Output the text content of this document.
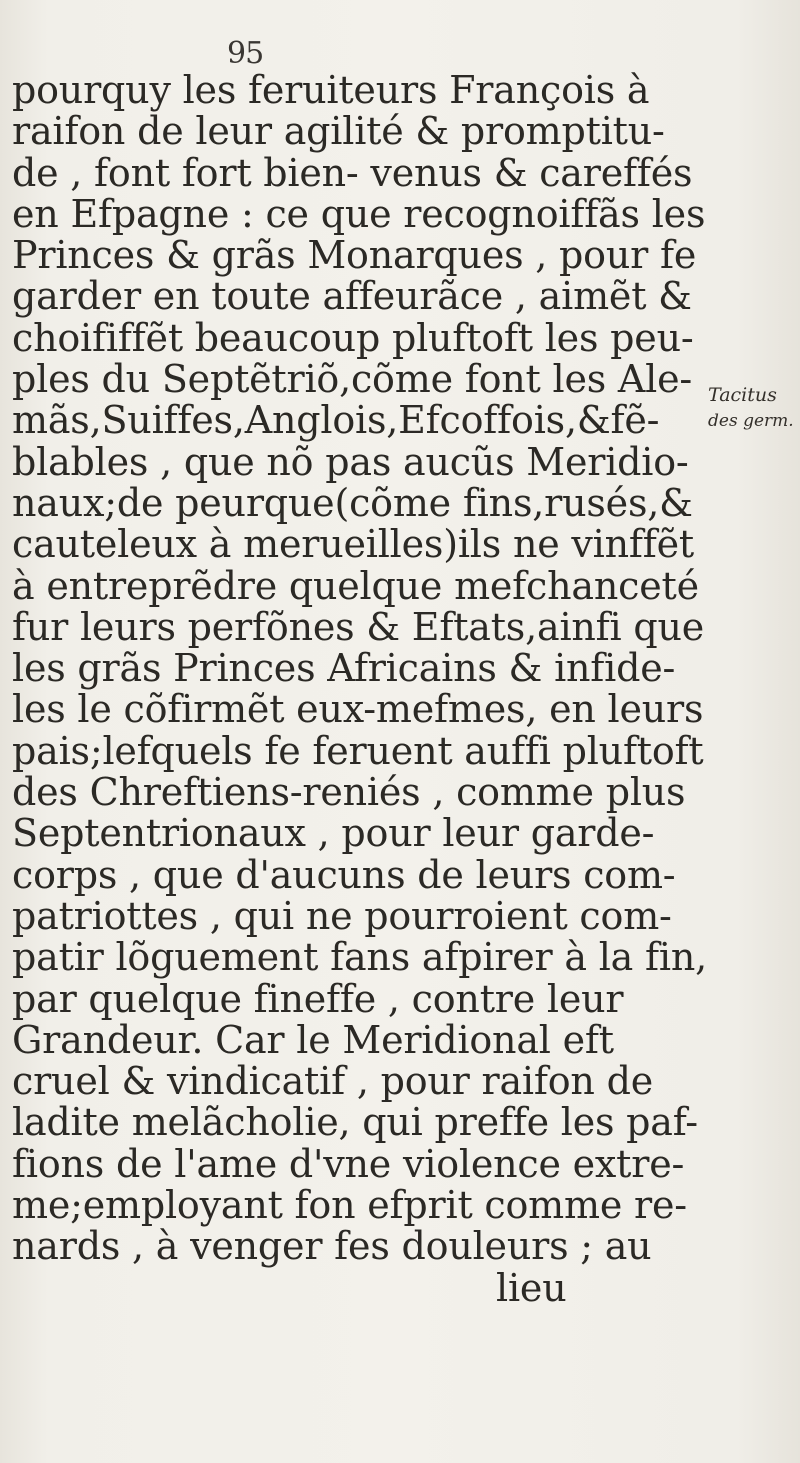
95
pourquy les feruiteurs François à
raifon de leur agilité & promptitu-
de , font fort bien- venus & careffés
en Efpagne : ce que recognoiffãs les
Princes & grãs Monarques , pour fe
garder en toute affeurãce , aimẽt &
choififfẽt beaucoup pluftoft les peu-
ples du Septẽtriõ,cõme font les Ale-
mãs,Suiffes,Anglois,Efcoffois,&fẽ-
blables , que nõ pas aucũs Meridio-
naux;de peurque(cõme fins,rusés,&
cauteleux à merueilles)ils ne vinffẽt
à entreprẽdre quelque mefchanceté
fur leurs perfõnes & Eftats,ainfi que
les grãs Princes Africains & infide-
les le cõfirmẽt eux-mefmes, en leurs
pais;lefquels fe feruent auffi pluftoft
des Chreftiens-reniés , comme plus
Septentrionaux , pour leur garde-
corps , que d'aucuns de leurs com-
patriottes , qui ne pourroient com-
patir lõguement fans afpirer à la fin,
par quelque fineffe , contre leur
Grandeur. Car le Meridional eft
cruel & vindicatif , pour raifon de
ladite melãcholie, qui preffe les paf-
fions de l'ame d'vne violence extre-
me;employant fon efprit comme re-
nards , à venger fes douleurs ; au
lieu
Tacitus
des germ.
